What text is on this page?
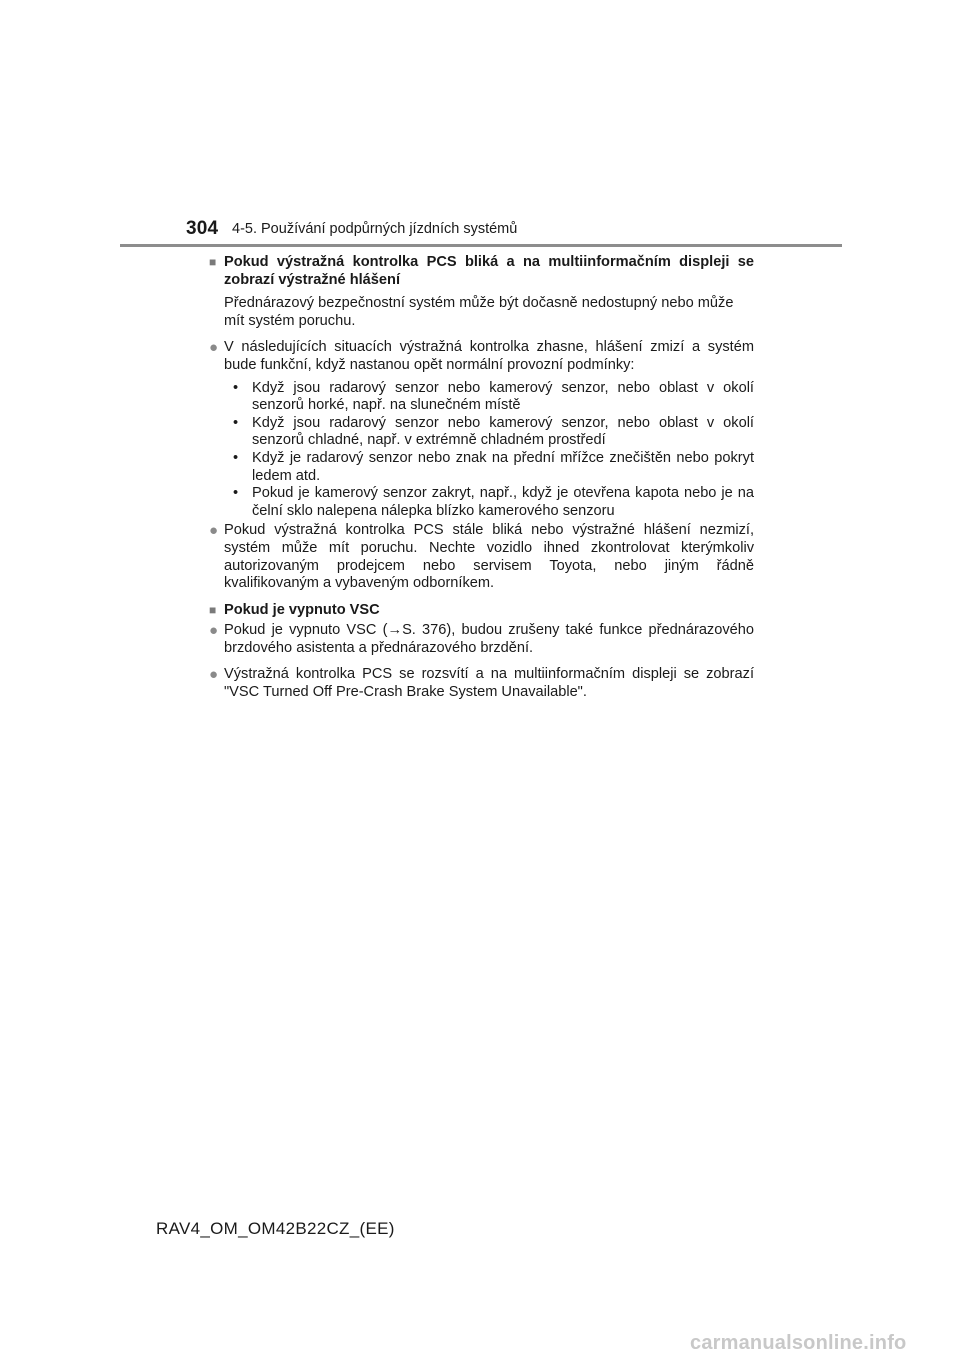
304 4-5. Používání podpůrných jízdních systémů
■ Pokud výstražná kontrolka PCS bliká a na multiinformačním displeji se zobrazí výstražné hlášení
Přednárazový bezpečnostní systém může být dočasně nedostupný nebo může mít systém poruchu.
● V následujících situacích výstražná kontrolka zhasne, hlášení zmizí a systém bude funkční, když nastanou opět normální provozní podmínky:
• Když jsou radarový senzor nebo kamerový senzor, nebo oblast v okolí senzorů horké, např. na slunečném místě
• Když jsou radarový senzor nebo kamerový senzor, nebo oblast v okolí senzorů chladné, např. v extrémně chladném prostředí
• Když je radarový senzor nebo znak na přední mřížce znečištěn nebo pokryt ledem atd.
• Pokud je kamerový senzor zakryt, např., když je otevřena kapota nebo je na čelní sklo nalepena nálepka blízko kamerového senzoru
● Pokud výstražná kontrolka PCS stále bliká nebo výstražné hlášení nezmizí, systém může mít poruchu. Nechte vozidlo ihned zkontrolovat kterýmkoliv autorizovaným prodejcem nebo servisem Toyota, nebo jiným řádně kvalifikovaným a vybaveným odborníkem.
■ Pokud je vypnuto VSC
● Pokud je vypnuto VSC (→S. 376), budou zrušeny také funkce přednárazového brzdového asistenta a přednárazového brzdění.
● Výstražná kontrolka PCS se rozsvítí a na multiinformačním displeji se zobrazí "VSC Turned Off Pre-Crash Brake System Unavailable".
RAV4_OM_OM42B22CZ_(EE)
carmanualsonline.info
